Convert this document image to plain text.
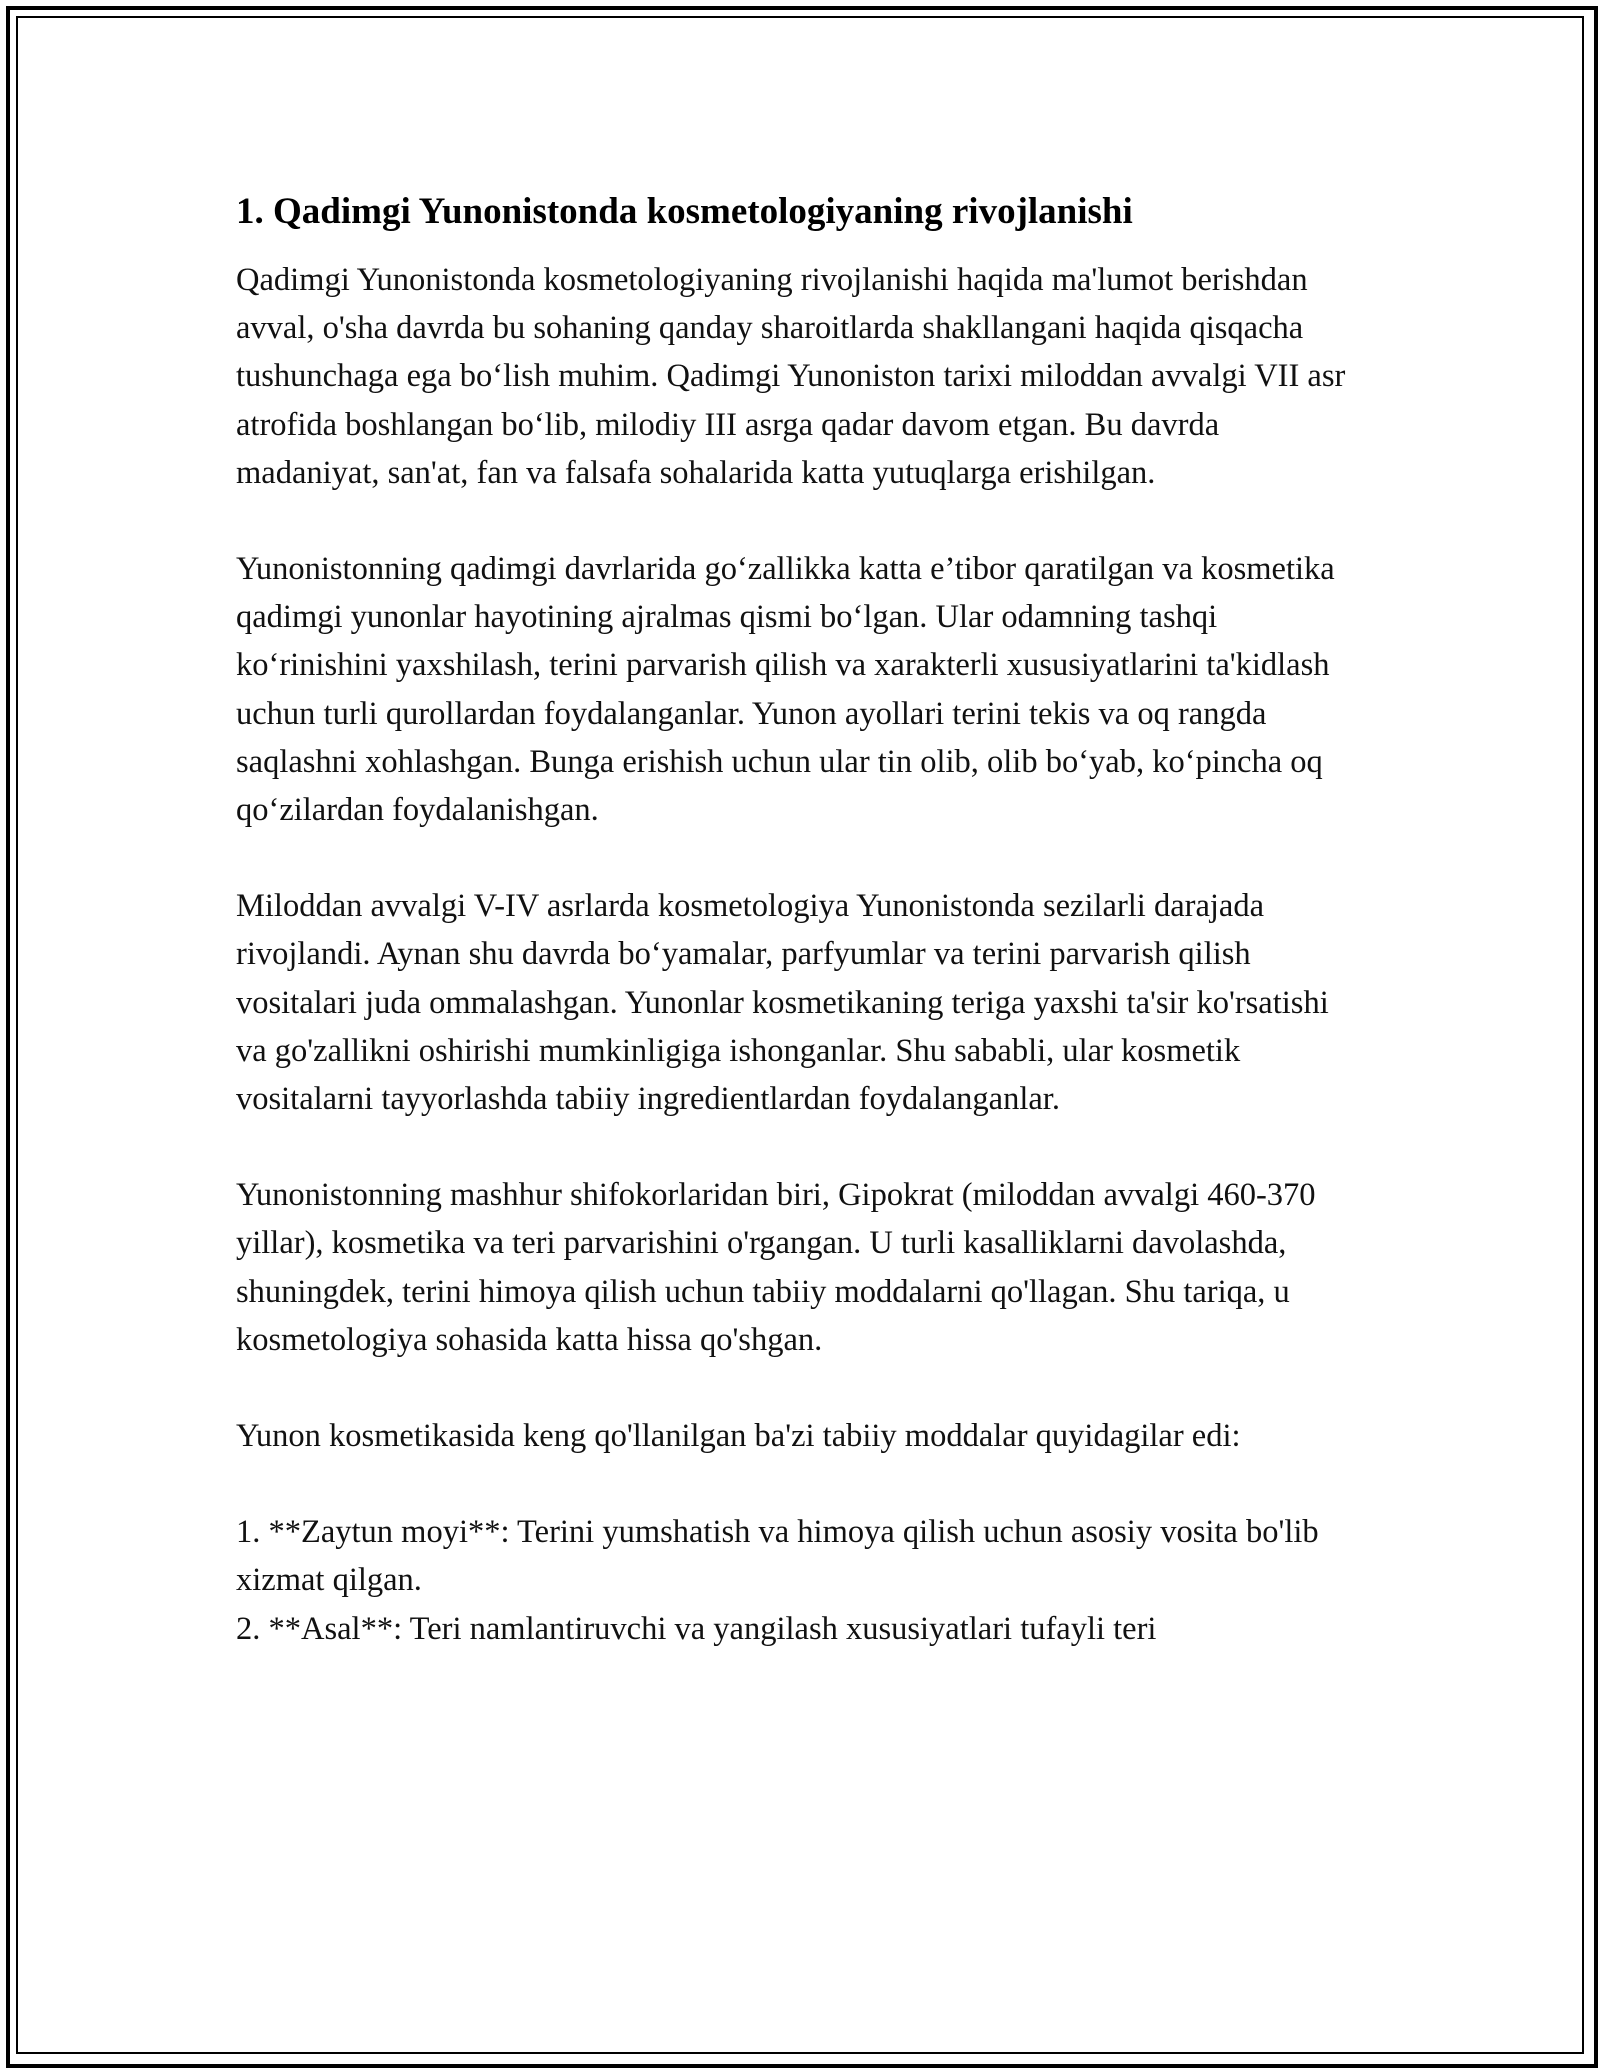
1. Qadimgi Yunonistonda kosmetologiyaning rivojlanishi

Qadimgi Yunonistonda kosmetologiyaning rivojlanishi haqida ma'lumot berishdan avval, o'sha davrda bu sohaning qanday sharoitlarda shakllangani haqida qisqacha tushunchaga ega bo‘lish muhim. Qadimgi Yunoniston tarixi miloddan avvalgi VII asr atrofida boshlangan bo‘lib, milodiy III asrga qadar davom etgan. Bu davrda madaniyat, san'at, fan va falsafa sohalarida katta yutuqlarga erishilgan.

Yunonistonning qadimgi davrlarida go‘zallikka katta e’tibor qaratilgan va kosmetika qadimgi yunonlar hayotining ajralmas qismi bo‘lgan. Ular odamning tashqi ko‘rinishini yaxshilash, terini parvarish qilish va xarakterli xususiyatlarini ta'kidlash uchun turli qurollardan foydalanganlar. Yunon ayollari terini tekis va oq rangda saqlashni xohlashgan. Bunga erishish uchun ular tin olib, olib bo‘yab, ko‘pincha oq qo‘zilardan foydalanishgan.

Miloddan avvalgi V-IV asrlarda kosmetologiya Yunonistonda sezilarli darajada rivojlandi. Aynan shu davrda bo‘yamalar, parfyumlar va terini parvarish qilish vositalari juda ommalashgan. Yunonlar kosmetikaning teriga yaxshi ta'sir ko'rsatishi va go'zallikni oshirishi mumkinligiga ishonganlar. Shu sababli, ular kosmetik vositalarni tayyorlashda tabiiy ingredientlardan foydalanganlar.

Yunonistonning mashhur shifokorlaridan biri, Gipokrat (miloddan avvalgi 460-370 yillar), kosmetika va teri parvarishini o'rgangan. U turli kasalliklarni davolashda, shuningdek, terini himoya qilish uchun tabiiy moddalarni qo'llagan. Shu tariqa, u kosmetologiya sohasida katta hissa qo'shgan.

Yunon kosmetikasida keng qo'llanilgan ba'zi tabiiy moddalar quyidagilar edi:

1. **Zaytun moyi**: Terini yumshatish va himoya qilish uchun asosiy vosita bo'lib xizmat qilgan.

2. **Asal**: Teri namlantiruvchi va yangilash xususiyatlari tufayli teri
